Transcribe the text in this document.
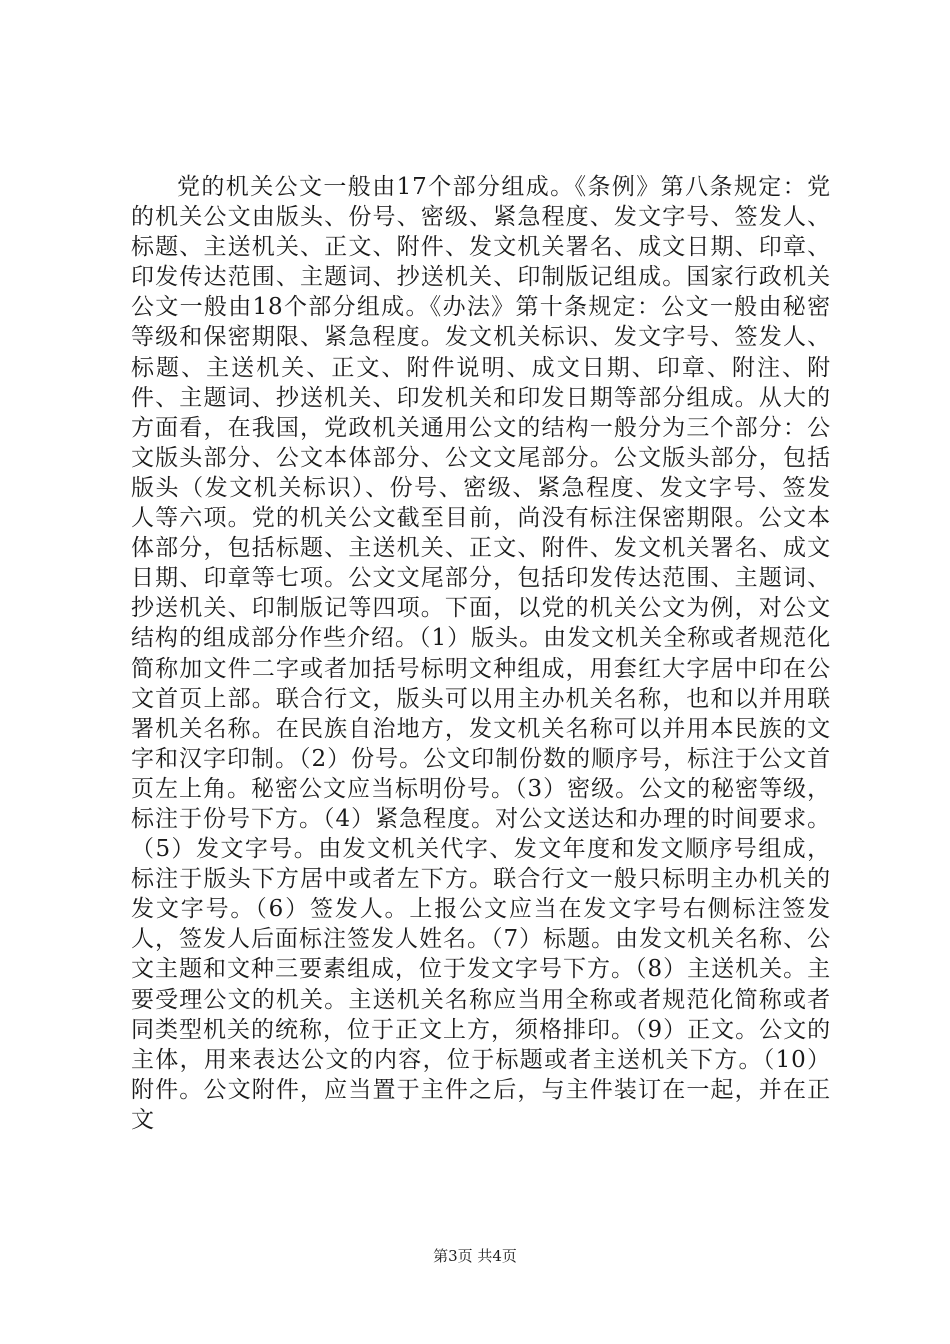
党的机关公文一般由17个部分组成。《条例》第八条规定：党的机关公文由版头、份号、密级、紧急程度、发文字号、签发人、标题、主送机关、正文、附件、发文机关署名、成文日期、印章、印发传达范围、主题词、抄送机关、印制版记组成。国家行政机关公文一般由18个部分组成。《办法》第十条规定：公文一般由秘密等级和保密期限、紧急程度。发文机关标识、发文字号、签发人、标题、主送机关、正文、附件说明、成文日期、印章、附注、附件、主题词、抄送机关、印发机关和印发日期等部分组成。从大的方面看，在我国，党政机关通用公文的结构一般分为三个部分：公文版头部分、公文本体部分、公文文尾部分。公文版头部分，包括版头（发文机关标识）、份号、密级、紧急程度、发文字号、签发人等六项。党的机关公文截至目前，尚没有标注保密期限。公文本体部分，包括标题、主送机关、正文、附件、发文机关署名、成文日期、印章等七项。公文文尾部分，包括印发传达范围、主题词、抄送机关、印制版记等四项。下面，以党的机关公文为例，对公文结构的组成部分作些介绍。（1）版头。由发文机关全称或者规范化简称加文件二字或者加括号标明文种组成，用套红大字居中印在公文首页上部。联合行文，版头可以用主办机关名称，也和以并用联署机关名称。在民族自治地方，发文机关名称可以并用本民族的文字和汉字印制。（2）份号。公文印制份数的顺序号，标注于公文首页左上角。秘密公文应当标明份号。（3）密级。公文的秘密等级，标注于份号下方。（4）紧急程度。对公文送达和办理的时间要求。（5）发文字号。由发文机关代字、发文年度和发文顺序号组成，标注于版头下方居中或者左下方。联合行文一般只标明主办机关的发文字号。（6）签发人。上报公文应当在发文字号右侧标注签发人，签发人后面标注签发人姓名。（7）标题。由发文机关名称、公文主题和文种三要素组成，位于发文字号下方。（8）主送机关。主要受理公文的机关。主送机关名称应当用全称或者规范化简称或者同类型机关的统称，位于正文上方，须格排印。（9）正文。公文的主体，用来表达公文的内容，位于标题或者主送机关下方。（10）附件。公文附件，应当置于主件之后，与主件装订在一起，并在正文

第3页 共4页
